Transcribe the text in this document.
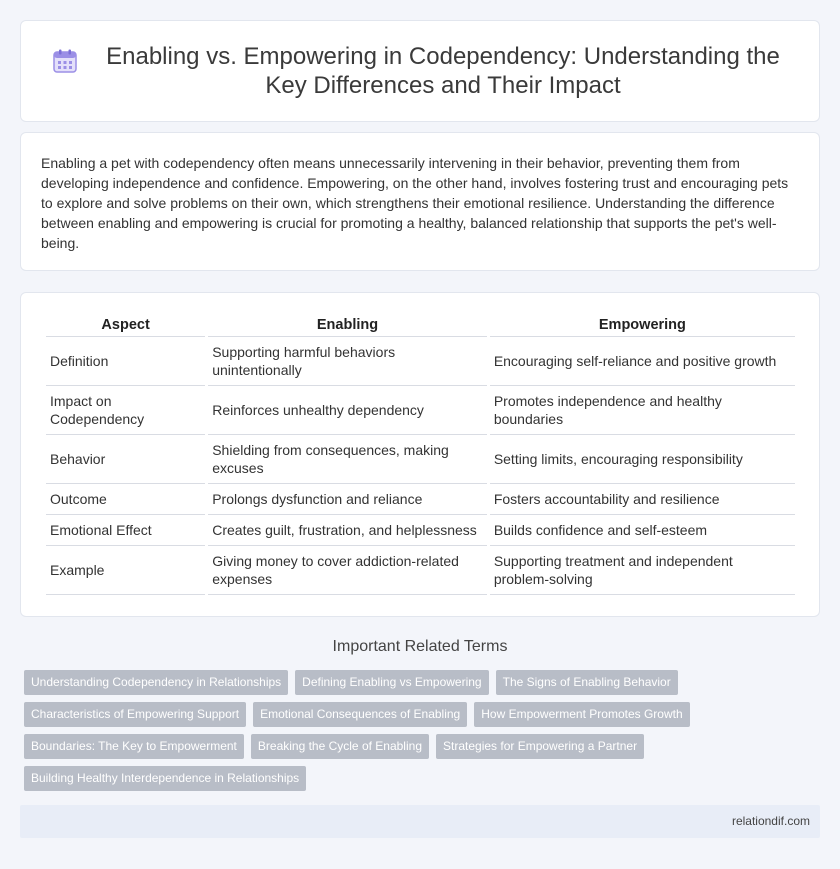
Enabling vs. Empowering in Codependency: Understanding the Key Differences and Their Impact

Enabling a pet with codependency often means unnecessarily intervening in their behavior, preventing them from developing independence and confidence. Empowering, on the other hand, involves fostering trust and encouraging pets to explore and solve problems on their own, which strengthens their emotional resilience. Understanding the difference between enabling and empowering is crucial for promoting a healthy, balanced relationship that supports the pet's well-being.

Aspect	Enabling	Empowering
Definition	Supporting harmful behaviors unintentionally	Encouraging self-reliance and positive growth
Impact on Codependency	Reinforces unhealthy dependency	Promotes independence and healthy boundaries
Behavior	Shielding from consequences, making excuses	Setting limits, encouraging responsibility
Outcome	Prolongs dysfunction and reliance	Fosters accountability and resilience
Emotional Effect	Creates guilt, frustration, and helplessness	Builds confidence and self-esteem
Example	Giving money to cover addiction-related expenses	Supporting treatment and independent problem-solving
Important Related Terms
Understanding Codependency in Relationships	Defining Enabling vs Empowering	The Signs of Enabling Behavior
Characteristics of Empowering Support	Emotional Consequences of Enabling	How Empowerment Promotes Growth
Boundaries: The Key to Empowerment	Breaking the Cycle of Enabling	Strategies for Empowering a Partner
Building Healthy Interdependence in Relationships
relationdif.com
